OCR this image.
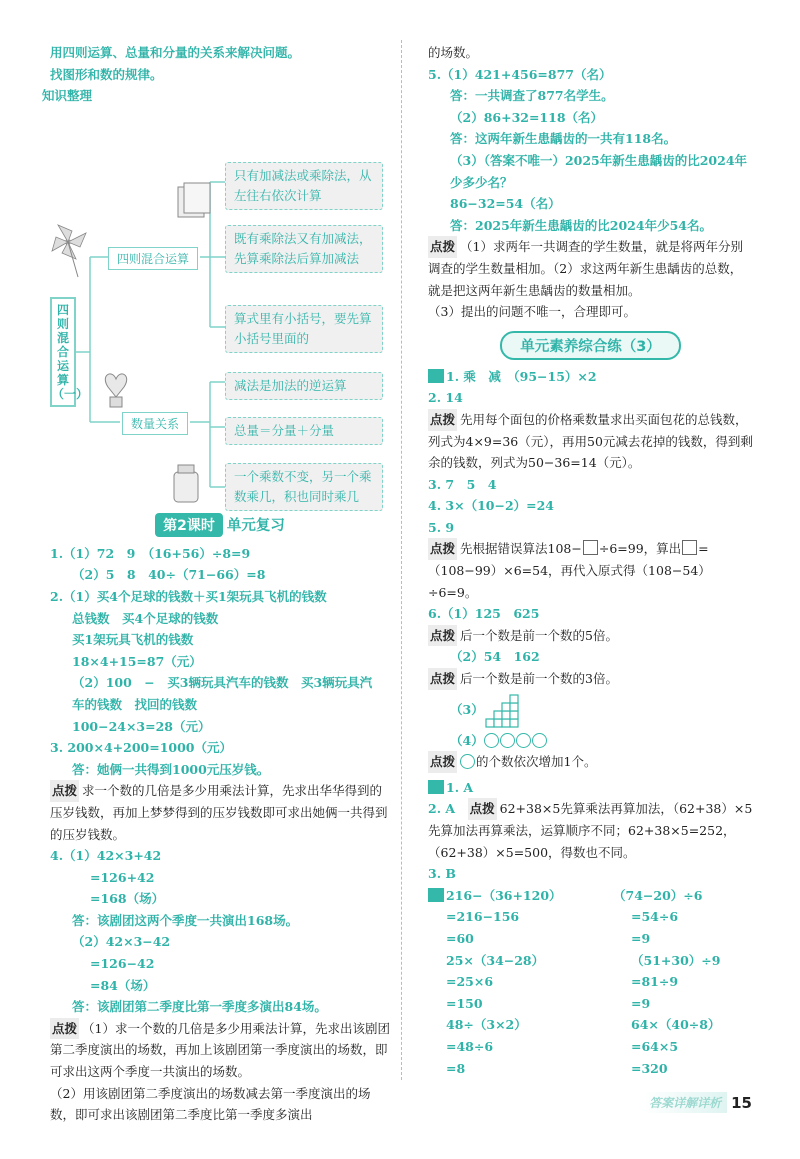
用四则运算、总量和分量的关系来解决问题。
找图形和数的规律。
知识整理
四则混合运算（一）
四则混合运算
数量关系
只有加减法或乘除法，从左往右依次计算
既有乘除法又有加减法，先算乘除法后算加减法
算式里有小括号，要先算小括号里面的
减法是加法的逆运算
总量＝分量＋分量
一个乘数不变，另一个乘数乘几，积也同时乘几
第2课时 单元复习
1.（1）72　9　（16+56）÷8=9
（2）5　8　40÷（71−66）=8
2.（1）买4个足球的钱数＋买1架玩具飞机的钱数
总钱数　买4个足球的钱数
买1架玩具飞机的钱数
18×4+15=87（元）
（2）100　−　买3辆玩具汽车的钱数　买3辆玩具汽
车的钱数　找回的钱数
100−24×3=28（元）
3. 200×4+200=1000（元）
答：她俩一共得到1000元压岁钱。
点拨 求一个数的几倍是多少用乘法计算，先求出华华得到的压岁钱数，再加上梦梦得到的压岁钱数即可求出她俩一共得到的压岁钱数。
4.（1）42×3+42
=126+42
=168（场）
答：该剧团这两个季度一共演出168场。
（2）42×3−42
=126−42
=84（场）
答：该剧团第二季度比第一季度多演出84场。
点拨 （1）求一个数的几倍是多少用乘法计算，先求出该剧团第二季度演出的场数，再加上该剧团第一季度演出的场数，即可求出这两个季度一共演出的场数。
（2）用该剧团第二季度演出的场数减去第一季度演出的场数，即可求出该剧团第二季度比第一季度多演出
的场数。
5.（1）421+456=877（名）
答：一共调查了877名学生。
（2）86+32=118（名）
答：这两年新生患龋齿的一共有118名。
（3）（答案不唯一）2025年新生患龋齿的比2024年
少多少名？
86−32=54（名）
答：2025年新生患龋齿的比2024年少54名。
点拨 （1）求两年一共调查的学生数量，就是将两年分别调查的学生数量相加。（2）求这两年新生患龋齿的总数，就是把这两年新生患龋齿的数量相加。
（3）提出的问题不唯一，合理即可。
单元素养综合练（3）
1. 乘　减　（95−15）×2
2. 14
点拨 先用每个面包的价格乘数量求出买面包花的总钱数，列式为4×9=36（元），再用50元减去花掉的钱数，得到剩余的钱数，列式为50−36=14（元）。
3. 7　5　4
4. 3×（10−2）=24
5. 9
点拨 先根据错误算法108− ÷6=99，算出 =
（108−99）×6=54，再代入原式得（108−54）÷6=9。
6.（1）125　625
点拨 后一个数是前一个数的5倍。
（2）54　162
点拨 后一个数是前一个数的3倍。
（3）
（4）
点拨 的个数依次增加1个。
1. A
2. A　 点拨 62+38×5先算乘法再算加法，（62+38）×5先算加法再算乘法，运算顺序不同；62+38×5=252，（62+38）×5=500，得数也不同。
3. B
216−（36+120）	（74−20）÷6
=216−156	=54÷6
=60	=9
25×（34−28）	（51+30）÷9
=25×6	=81÷9
=150	=9
48÷（3×2）	64×（40÷8）
=48÷6	=64×5
=8	=320
答案详解详析 15
